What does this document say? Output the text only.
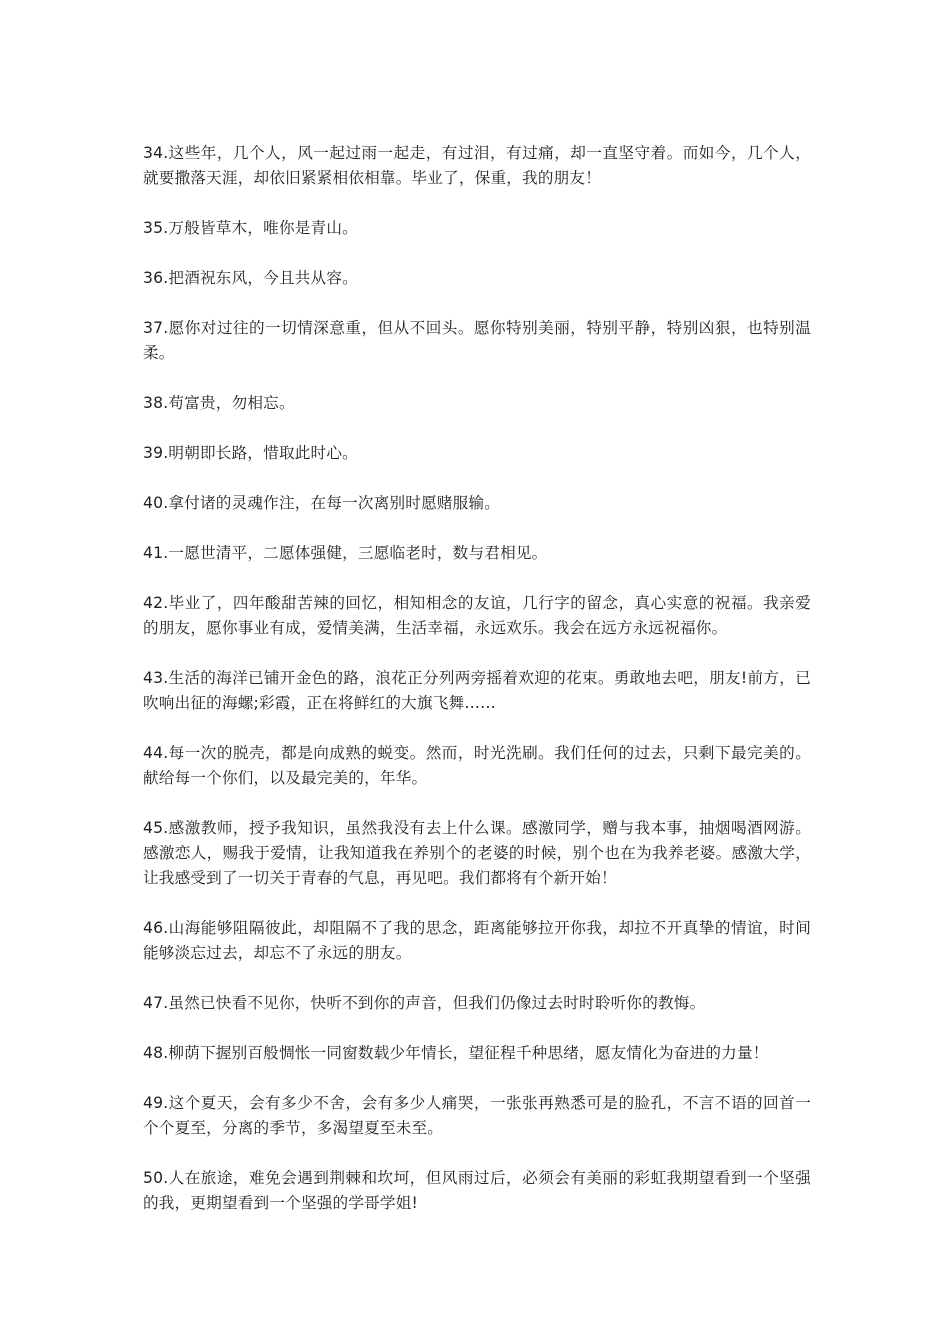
34.这些年，几个人，风一起过雨一起走，有过泪，有过痛，却一直坚守着。而如今，几个人，就要撒落天涯，却依旧紧紧相依相靠。毕业了，保重，我的朋友！

35.万般皆草木，唯你是青山。

36.把酒祝东风，今且共从容。

37.愿你对过往的一切情深意重，但从不回头。愿你特别美丽，特别平静，特别凶狠，也特别温柔。

38.苟富贵，勿相忘。

39.明朝即长路，惜取此时心。

40.拿付诸的灵魂作注，在每一次离别时愿赌服输。

41.一愿世清平，二愿体强健，三愿临老时，数与君相见。

42.毕业了，四年酸甜苦辣的回忆，相知相念的友谊，几行字的留念，真心实意的祝福。我亲爱的朋友，愿你事业有成，爱情美满，生活幸福，永远欢乐。我会在远方永远祝福你。

43.生活的海洋已铺开金色的路，浪花正分列两旁摇着欢迎的花束。勇敢地去吧，朋友!前方，已吹响出征的海螺;彩霞，正在将鲜红的大旗飞舞……

44.每一次的脱壳，都是向成熟的蜕变。然而，时光洗刷。我们任何的过去，只剩下最完美的。献给每一个你们，以及最完美的，年华。

45.感激教师，授予我知识，虽然我没有去上什么课。感激同学，赠与我本事，抽烟喝酒网游。感激恋人，赐我于爱情，让我知道我在养别个的老婆的时候，别个也在为我养老婆。感激大学，让我感受到了一切关于青春的气息，再见吧。我们都将有个新开始！

46.山海能够阻隔彼此，却阻隔不了我的思念，距离能够拉开你我，却拉不开真挚的情谊，时间能够淡忘过去，却忘不了永远的朋友。

47.虽然已快看不见你，快听不到你的声音，但我们仍像过去时时聆听你的教悔。

48.柳荫下握别百般惆怅一同窗数载少年情长，望征程千种思绪，愿友情化为奋进的力量！

49.这个夏天，会有多少不舍，会有多少人痛哭，一张张再熟悉可是的脸孔，不言不语的回首一个个夏至，分离的季节，多渴望夏至未至。

50.人在旅途，难免会遇到荆棘和坎坷，但风雨过后，必须会有美丽的彩虹我期望看到一个坚强的我，更期望看到一个坚强的学哥学姐!
